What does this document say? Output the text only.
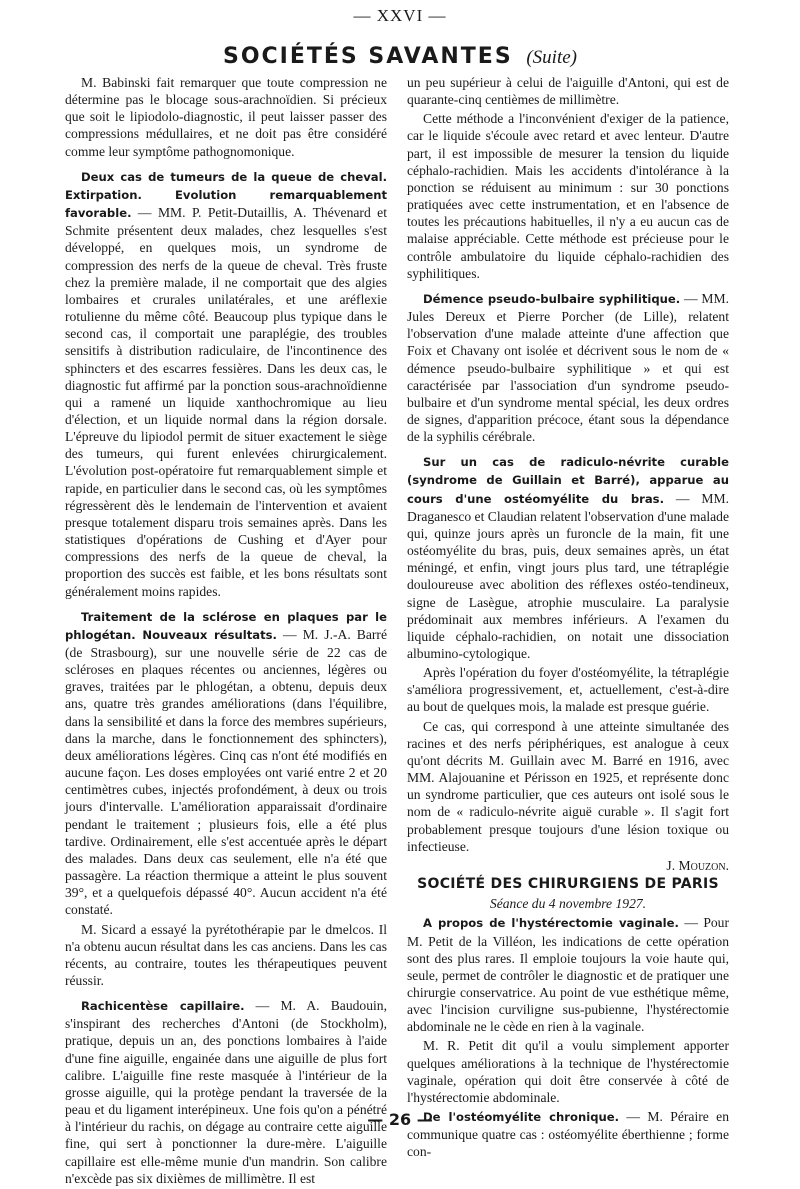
— XXVI —
SOCIÉTÉS SAVANTES (Suite)

M. Babinski fait remarquer que toute compression ne détermine pas le blocage sous-arachnoïdien. Si précieux que soit le lipiodolo-diagnostic, il peut laisser passer des compressions médullaires, et ne doit pas être considéré comme leur symptôme pathognomonique.

Deux cas de tumeurs de la queue de cheval. Extirpation. Evolution remarquablement favorable. — MM. P. Petit-Dutaillis, A. Thévenard et Schmite présentent deux malades, chez lesquelles s'est développé, en quelques mois, un syndrome de compression des nerfs de la queue de cheval. Très fruste chez la première malade, il ne comportait que des algies lombaires et crurales unilatérales, et une aréflexie rotulienne du même côté. Beaucoup plus typique dans le second cas, il comportait une paraplégie, des troubles sensitifs à distribution radiculaire, de l'incontinence des sphincters et des escarres fessières. Dans les deux cas, le diagnostic fut affirmé par la ponction sous-arachnoïdienne qui a ramené un liquide xanthochromique au lieu d'élection, et un liquide normal dans la région dorsale. L'épreuve du lipiodol permit de situer exactement le siège des tumeurs, qui furent enlevées chirurgicalement. L'évolution post-opératoire fut remarquablement simple et rapide, en particulier dans le second cas, où les symptômes régressèrent dès le lendemain de l'intervention et avaient presque totalement disparu trois semaines après. Dans les statistiques d'opérations de Cushing et d'Ayer pour compressions des nerfs de la queue de cheval, la proportion des succès est faible, et les bons résultats sont généralement moins rapides.

Traitement de la sclérose en plaques par le phlogétan. Nouveaux résultats. — M. J.-A. Barré (de Strasbourg), sur une nouvelle série de 22 cas de scléroses en plaques récentes ou anciennes, légères ou graves, traitées par le phlogétan, a obtenu, depuis deux ans, quatre très grandes améliorations (dans l'équilibre, dans la sensibilité et dans la force des membres supérieurs, dans la marche, dans le fonctionnement des sphincters), deux améliorations légères. Cinq cas n'ont été modifiés en aucune façon. Les doses employées ont varié entre 2 et 20 centimètres cubes, injectés profondément, à deux ou trois jours d'intervalle. L'amélioration apparaissait d'ordinaire pendant le traitement ; plusieurs fois, elle a été plus tardive. Ordinairement, elle s'est accentuée après le départ des malades. Dans deux cas seulement, elle n'a été que passagère. La réaction thermique a atteint le plus souvent 39°, et a quelquefois dépassé 40°. Aucun accident n'a été constaté.

M. Sicard a essayé la pyrétothérapie par le dmelcos. Il n'a obtenu aucun résultat dans les cas anciens. Dans les cas récents, au contraire, toutes les thérapeutiques peuvent réussir.

Rachicentèse capillaire. — M. A. Baudouin, s'inspirant des recherches d'Antoni (de Stockholm), pratique, depuis un an, des ponctions lombaires à l'aide d'une fine aiguille, engainée dans une aiguille de plus fort calibre. L'aiguille fine reste masquée à l'intérieur de la grosse aiguille, qui la protège pendant la traversée de la peau et du ligament interépineux. Une fois qu'on a pénétré à l'intérieur du rachis, on dégage au contraire cette aiguille fine, qui sert à ponctionner la dure-mère. L'aiguille capillaire est elle-même munie d'un mandrin. Son calibre n'excède pas six dixièmes de millimètre. Il est

un peu supérieur à celui de l'aiguille d'Antoni, qui est de quarante-cinq centièmes de millimètre.

Cette méthode a l'inconvénient d'exiger de la patience, car le liquide s'écoule avec retard et avec lenteur. D'autre part, il est impossible de mesurer la tension du liquide céphalo-rachidien. Mais les accidents d'intolérance à la ponction se réduisent au minimum : sur 30 ponctions pratiquées avec cette instrumentation, et en l'absence de toutes les précautions habituelles, il n'y a eu aucun cas de malaise appréciable. Cette méthode est précieuse pour le contrôle ambulatoire du liquide céphalo-rachidien des syphilitiques.

Démence pseudo-bulbaire syphilitique. — MM. Jules Dereux et Pierre Porcher (de Lille), relatent l'observation d'une malade atteinte d'une affection que Foix et Chavany ont isolée et décrivent sous le nom de « démence pseudo-bulbaire syphilitique » et qui est caractérisée par l'association d'un syndrome pseudo-bulbaire et d'un syndrome mental spécial, les deux ordres de signes, d'apparition précoce, étant sous la dépendance de la syphilis cérébrale.

Sur un cas de radiculo-névrite curable (syndrome de Guillain et Barré), apparue au cours d'une ostéomyélite du bras. — MM. Draganesco et Claudian relatent l'observation d'une malade qui, quinze jours après un furoncle de la main, fit une ostéomyélite du bras, puis, deux semaines après, un état méningé, et enfin, vingt jours plus tard, une tétraplégie douloureuse avec abolition des réflexes ostéo-tendineux, signe de Lasègue, atrophie musculaire. La paralysie prédominait aux membres inférieurs. A l'examen du liquide céphalo-rachidien, on notait une dissociation albumino-cytologique.

Après l'opération du foyer d'ostéomyélite, la tétraplégie s'améliora progressivement, et, actuellement, c'est-à-dire au bout de quelques mois, la malade est presque guérie.

Ce cas, qui correspond à une atteinte simultanée des racines et des nerfs périphériques, est analogue à ceux qu'ont décrits M. Guillain avec M. Barré en 1916, avec MM. Alajouanine et Périsson en 1925, et représente donc un syndrome particulier, que ces auteurs ont isolé sous le nom de « radiculo-névrite aiguë curable ». Il s'agit fort probablement presque toujours d'une lésion toxique ou infectieuse.

J. Mouzon.

SOCIÉTÉ DES CHIRURGIENS DE PARIS

Séance du 4 novembre 1927.

A propos de l'hystérectomie vaginale. — Pour M. Petit de la Villéon, les indications de cette opération sont des plus rares. Il emploie toujours la voie haute qui, seule, permet de contrôler le diagnostic et de pratiquer une chirurgie conservatrice. Au point de vue esthétique même, avec l'incision curviligne sus-pubienne, l'hystérectomie abdominale ne le cède en rien à la vaginale.

M. R. Petit dit qu'il a voulu simplement apporter quelques améliorations à la technique de l'hystérectomie vaginale, opération qui doit être conservée à côté de l'hystérectomie abdominale.

De l'ostéomyélite chronique. — M. Péraire en communique quatre cas : ostéomyélite éberthienne ; forme con-

— 26 —
